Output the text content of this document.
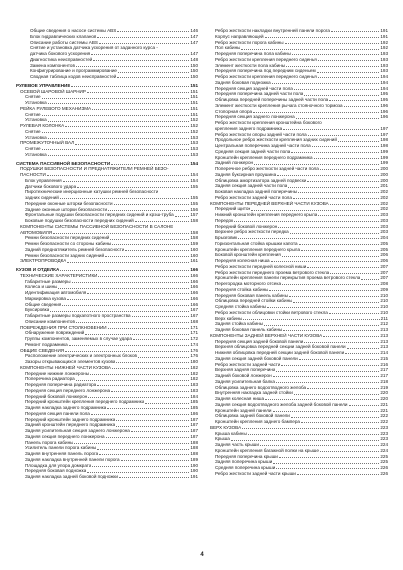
Общие сведения о насосе системы ABS	146
Блок гидравлических клапанов	147
Описание работы системы ABS	147
Снятие и установка датчика ускорения от заданного курса -
датчика бокового ускорения	147
Диагностика неисправностей	148
Замена компонентов	150
Конфигурирование и программирование	150
Сводная таблица кодов неисправностей	150
РУЛЕВОЕ УПРАВЛЕНИЕ	151
ОСЕВОЙ ШАРОВОЙ ШАРНИР	151
Снятие	151
Установка	151
РЕЙКА РУЛЕВОГО МЕХАНИЗМА	151
Снятие	151
Установка	152
РУЛЕВАЯ КОЛОНКА	152
Снятие	152
Установка	153
ПРОМЕЖУТОЧНЫЙ ВАЛ	153
Снятие	153
Установка	153
СИСТЕМА ПАССИВНОЙ БЕЗОПАСНОСТИ	154
ПОДУШКИ БЕЗОПАСНОСТИ И ПРЕДНАТЯЖИТЕЛИ РЕМНЕЙ БЕЗО-
ПАСНОСТИ	154
Блок управления	154
Датчики бокового удара	155
Пиротехнические инерционные катушки ремней безопасности
задних сидений	155
Передние оконные шторки безопасности	155
Задние оконные шторки безопасности	156
Фронтальные подушки безопасности передних сидений и крэш-труба	157
Боковые подушки безопасности передних сидений	158
КОМПОНЕНТЫ СИСТЕМЫ ПАССИВНОЙ БЕЗОПАСНОСТИ В САЛОНЕ
АВТОМОБИЛЯ	158
Ремни безопасности передних сидений	158
Ремни безопасности со стороны кабины	159
Задний преднатяжитель ремней безопасности	160
Ремни безопасности задних сидений	160
ЭЛЕКТРОПРОВОДКА	161
КУЗОВ И ОТДЕЛКА	166
ТЕХНИЧЕСКИЕ ХАРАКТЕРИСТИКИ	166
Габаритные размеры	166
Колеса и шины	166
Идентификация автомобиля	166
Маркировка кузова	166
Общие сведения	166
Буксировка	167
Габаритные размеры подкапотного пространства	167
Описание компонентов	168
ПОВРЕЖДЕНИЯ ПРИ СТОЛКНОВЕНИИ	171
Обнаружение повреждений	171
Группы компонентов, заменяемых в случае удара	172
Ремонт подрамника	174
ОБЩИЕ СВЕДЕНИЯ	176
Расположение электрических и электронных блоков	176
Зазоры открывающихся элементов кузова	180
КОМПОНЕНТЫ НИЖНЕЙ ЧАСТИ КУЗОВА	182
Передние нижние лонжероны	182
Поперечина радиатора	182
Передняя поперечина радиатора	183
Передняя секция переднего лонжерона	183
Передний боковой лонжерон	184
Передний кронштейн крепления переднего подрамника	185
Задняя накладка заднего подрамника	185
Передняя секция панели пола	186
Передний кронштейн заднего подрамника	187
Задний кронштейн переднего подрамника	187
Задняя усилительная секция заднего лонжерона	187
Задняя секция переднего лонжерона	187
Панель порога кабины	188
Усилитель панели порога кабины	188
Задняя внутренняя панель порога	188
Задняя накладка внутренней панели порога	189
Площадка для упора домкрата	190
Передняя боковая подножка	190
Задняя накладка задней боковой подножки	191
Ребро жесткости накладки внутренней панели порога	191
Корпус направляющей	191
Ребро жесткости порога кабины	192
Пол кабины	192
Передняя поперечина пола кабины	193
Ребро жесткости крепления переднего сиденья	193
Элемент жесткости пола кабины	193
Передняя поперечина под передним сиденьем	193
Ребро жесткости крепления переднего сиденья	194
Задняя боковая подножка	194
Передняя секция задней части пола	194
Передняя поперечина задней части пола	195
Облицовка передней поперечины задней части пола	195
Элемент жесткости крепления рычага стояночного тормоза	196
Стопорная опора	196
Передняя секция заднего лонжерона	196
Ребро жесткости крепления кронштейна бокового
крепления заднего подрамника	197
Ребро жесткости опоры задней части пола	197
Продольное ребро жесткости крепления задних сидений	198
Центральная поперечина задней части пола	198
Средняя секция задней части пола	199
Кронштейн крепления переднего подрамника	199
Задний лонжерон	199
Поперечное ребро жесткости задней части пола	200
Задняя буксирная проушина	200
Облицовка амортизатора задней подвески	200
Задняя секция задней части пола	201
Боковая накладка задней поперечины	202
Ребро жесткости задней части пола	202
КОМПОНЕНТЫ ПЕРЕДНЕЙ ВЕРХНЕЙ ЧАСТИ КУЗОВА	202
Передний щиток	202
Нижний кронштейн крепления переднего крыла	203
Передок	203
Передний боковой лонжерон	203
Верхнее ребро жесткости передка	203
Брызговик	204
Горизонтальная стойка крышки капота	205
Кронштейн крепления переднего крыла	205
Боковой кронштейн крепления	206
Передняя колесная ниша	206
Ребро жесткости передней колесной ниши	207
Ребро жесткости переднего проема ветрового стекла	207
Кронштейн крепления панели перекрытия проема ветрового стекла	207
Перегородка моторного отсека	208
Передняя стойка кабины	209
Передняя боковая панель кабины	210
Облицовка передней стойки кабины	210
Средняя стойка кабины	210
Ребро жесткости облицовки стойки ветрового стекла	210
Верх кабины	211
Задняя стойка кабины	212
Задняя боковая панель кабины	213
КОМПОНЕНТЫ ЗАДНЕЙ ВЕРХНЕЙ ЧАСТИ КУЗОВА	213
Передняя секция задней боковой панели	213
Верхняя облицовка передней секции задней боковой панели	213
Нижняя облицовка передней секции задней боковой панели	214
Задняя секция задней боковой панели	215
Ребро жесткости задней части	216
Верхняя задняя поперечина	217
Задний боковой лонжерон	217
Задняя усилительная балка	218
Облицовка заднего водоотводного желоба	219
Внутренняя накладка задней стойки	220
Задняя колесная ниша	220
Задняя секция водоотводного желоба задней боковой панели	221
Кронштейн задней панели	221
Облицовка задней боковой панели	222
Кронштейн крепления заднего бампера	222
ВЕРХ КУЗОВА	223
Крыша кабины	223
Крыша	223
Задняя часть крыши	224
Кронштейн крепления багажной полки на крыше	224
Передняя поперечина крыши	225
Задняя поперечина крыши	225
Средняя поперечина крыши	226
Ребро жесткости задней части крыши	226
4
